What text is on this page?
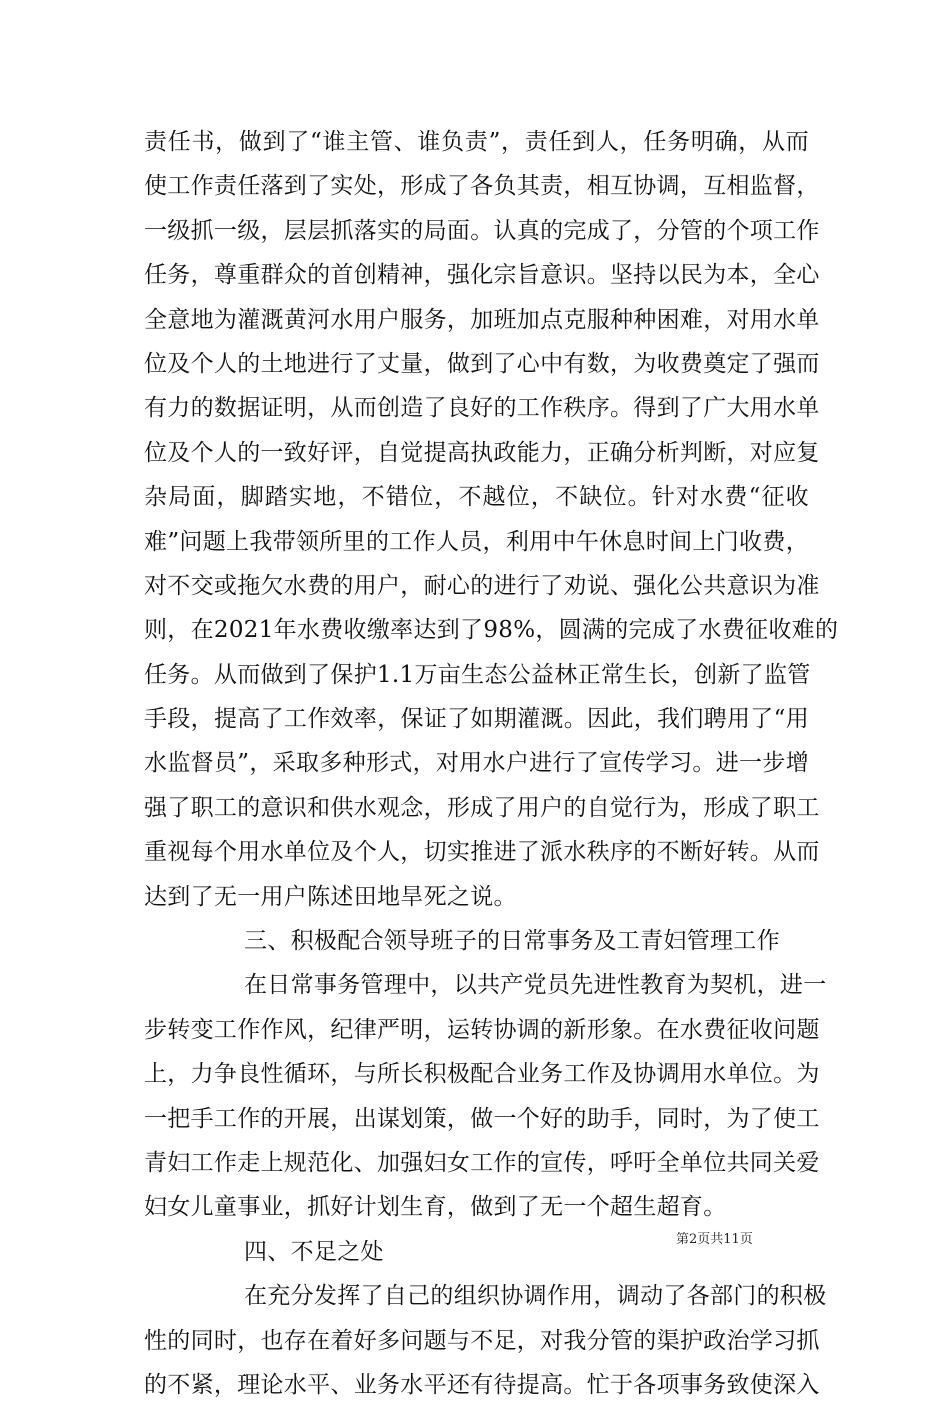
责任书，做到了“谁主管、谁负责”，责任到人，任务明确，从而
使工作责任落到了实处，形成了各负其责，相互协调，互相监督，
一级抓一级，层层抓落实的局面。认真的完成了，分管的个项工作
任务，尊重群众的首创精神，强化宗旨意识。坚持以民为本，全心
全意地为灌溉黄河水用户服务，加班加点克服种种困难，对用水单
位及个人的土地进行了丈量，做到了心中有数，为收费奠定了强而
有力的数据证明，从而创造了良好的工作秩序。得到了广大用水单
位及个人的一致好评，自觉提高执政能力，正确分析判断，对应复
杂局面，脚踏实地，不错位，不越位，不缺位。针对水费“征收
难”问题上我带领所里的工作人员，利用中午休息时间上门收费，
对不交或拖欠水费的用户，耐心的进行了劝说、强化公共意识为准
则，在2021年水费收缴率达到了98%，圆满的完成了水费征收难的
任务。从而做到了保护1.1万亩生态公益林正常生长，创新了监管
手段，提高了工作效率，保证了如期灌溉。因此，我们聘用了“用
水监督员”，采取多种形式，对用水户进行了宣传学习。进一步增
强了职工的意识和供水观念，形成了用户的自觉行为，形成了职工
重视每个用水单位及个人，切实推进了派水秩序的不断好转。从而
达到了无一用户陈述田地旱死之说。
三、积极配合领导班子的日常事务及工青妇管理工作
在日常事务管理中，以共产党员先进性教育为契机，进一
步转变工作作风，纪律严明，运转协调的新形象。在水费征收问题
上，力争良性循环，与所长积极配合业务工作及协调用水单位。为
一把手工作的开展，出谋划策，做一个好的助手，同时，为了使工
青妇工作走上规范化、加强妇女工作的宣传，呼吁全单位共同关爱
妇女儿童事业，抓好计划生育，做到了无一个超生超育。
四、不足之处
在充分发挥了自己的组织协调作用，调动了各部门的积极
性的同时，也存在着好多问题与不足，对我分管的渠护政治学习抓
的不紧，理论水平、业务水平还有待提高。忙于各项事务致使深入
第2页共11页
